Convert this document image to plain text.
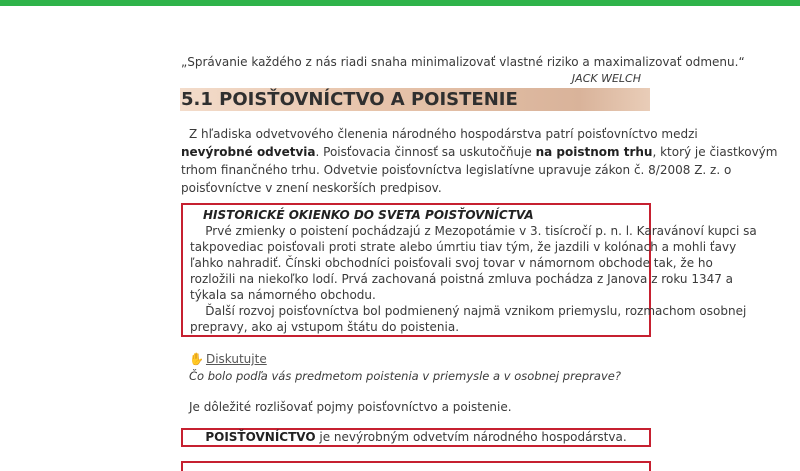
„Správanie každého z nás riadi snaha minimalizovať vlastné riziko a maximalizovať odmenu.“
JACK WELCH
5.1 POISŤOVNÍCTVO A POISTENIE
Z hľadiska odvetvového členenia národného hospodárstva patrí poisťovníctvo medzi
nevýrobné odvetvia. Poisťovacia činnosť sa uskutočňuje na poistnom trhu, ktorý je čiastkovým
trhom finančného trhu. Odvetvie poisťovníctva legislatívne upravuje zákon č. 8/2008 Z. z. o
poisťovníctve v znení neskorších predpisov.
HISTORICKÉ OKIENKO DO SVETA POISŤOVNÍCTVA
Prvé zmienky o poistení pochádzajú z Mezopotámie v 3. tisícročí p. n. l. Karavánoví kupci sa
takpovediac poisťovali proti strate alebo úmrtiu tiav tým, že jazdili v kolónach a mohli ťavy
ľahko nahradiť. Čínski obchodníci poisťovali svoj tovar v námornom obchode tak, že ho
rozložili na niekoľko lodí. Prvá zachovaná poistná zmluva pochádza z Janova z roku 1347 a
týkala sa námorného obchodu.
Ďalší rozvoj poisťovníctva bol podmienený najmä vznikom priemyslu, rozmachom osobnej
prepravy, ako aj vstupom štátu do poistenia.
✋ Diskutujte
Čo bolo podľa vás predmetom poistenia v priemysle a v osobnej preprave?
Je dôležité rozlišovať pojmy poisťovníctvo a poistenie.
POISŤOVNÍCTVO je nevýrobným odvetvím národného hospodárstva.
